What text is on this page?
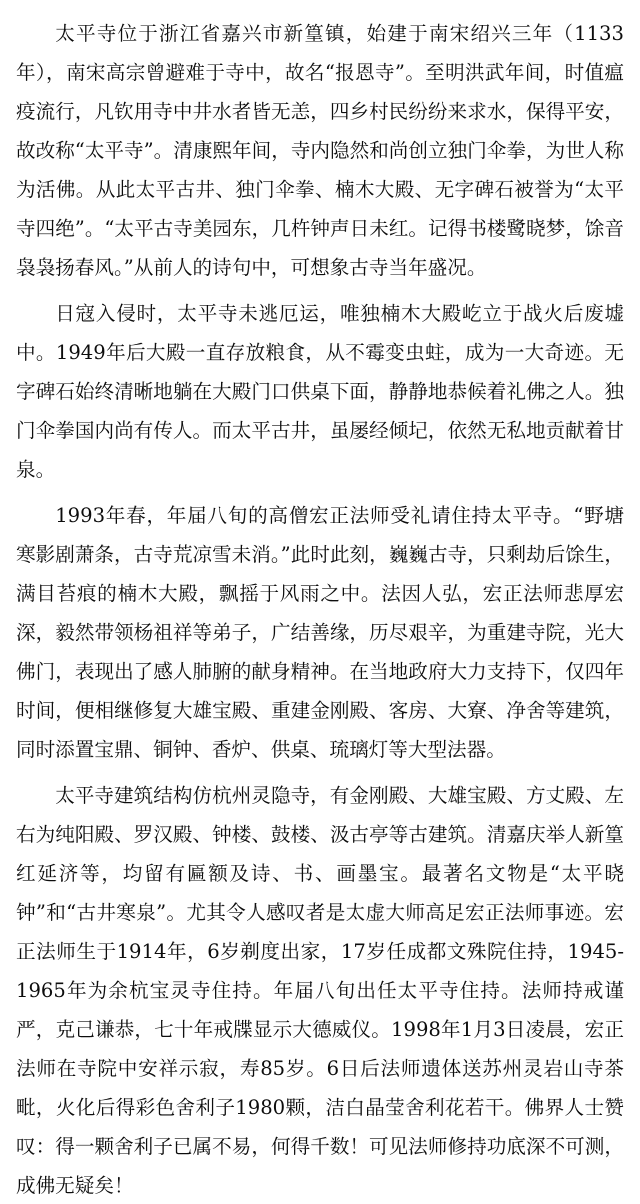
太平寺位于浙江省嘉兴市新篁镇，始建于南宋绍兴三年（1133年），南宋高宗曾避难于寺中，故名“报恩寺”。至明洪武年间，时值瘟疫流行，凡钦用寺中井水者皆无恙，四乡村民纷纷来求水，保得平安，故改称“太平寺”。清康熙年间，寺内隐然和尚创立独门伞拳，为世人称为活佛。从此太平古井、独门伞拳、楠木大殿、无字碑石被誉为“太平寺四绝”。“太平古寺美园东，几杵钟声日未红。记得书楼鹭晓梦，馀音袅袅扬春风。”从前人的诗句中，可想象古寺当年盛况。

日寇入侵时，太平寺未逃厄运，唯独楠木大殿屹立于战火后废墟中。1949年后大殿一直存放粮食，从不霉变虫蛀，成为一大奇迹。无字碑石始终清晰地躺在大殿门口供桌下面，静静地恭候着礼佛之人。独门伞拳国内尚有传人。而太平古井，虽屡经倾圮，依然无私地贡献着甘泉。

1993年春，年届八旬的高僧宏正法师受礼请住持太平寺。“野塘寒影剧萧条，古寺荒凉雪未消。”此时此刻，巍巍古寺，只剩劫后馀生，满目苔痕的楠木大殿，飘摇于风雨之中。法因人弘，宏正法师悲厚宏深，毅然带领杨祖祥等弟子，广结善缘，历尽艰辛，为重建寺院，光大佛门，表现出了感人肺腑的献身精神。在当地政府大力支持下，仅四年时间，便相继修复大雄宝殿、重建金刚殿、客房、大寮、净舍等建筑，同时添置宝鼎、铜钟、香炉、供桌、琉璃灯等大型法器。

太平寺建筑结构仿杭州灵隐寺，有金刚殿、大雄宝殿、方丈殿、左右为纯阳殿、罗汉殿、钟楼、鼓楼、汲古亭等古建筑。清嘉庆举人新篁红延济等，均留有匾额及诗、书、画墨宝。最著名文物是“太平晓钟”和“古井寒泉”。尤其令人感叹者是太虚大师高足宏正法师事迹。宏正法师生于1914年，6岁剃度出家，17岁任成都文殊院住持，1945-1965年为余杭宝灵寺住持。年届八旬出任太平寺住持。法师持戒谨严，克己谦恭，七十年戒牒显示大德威仪。1998年1月3日凌晨，宏正法师在寺院中安祥示寂，寿85岁。6日后法师遗体送苏州灵岩山寺茶毗，火化后得彩色舍利子1980颗，洁白晶莹舍利花若干。佛界人士赞叹：得一颗舍利子已属不易，何得千数！可见法师修持功底深不可测，成佛无疑矣！
